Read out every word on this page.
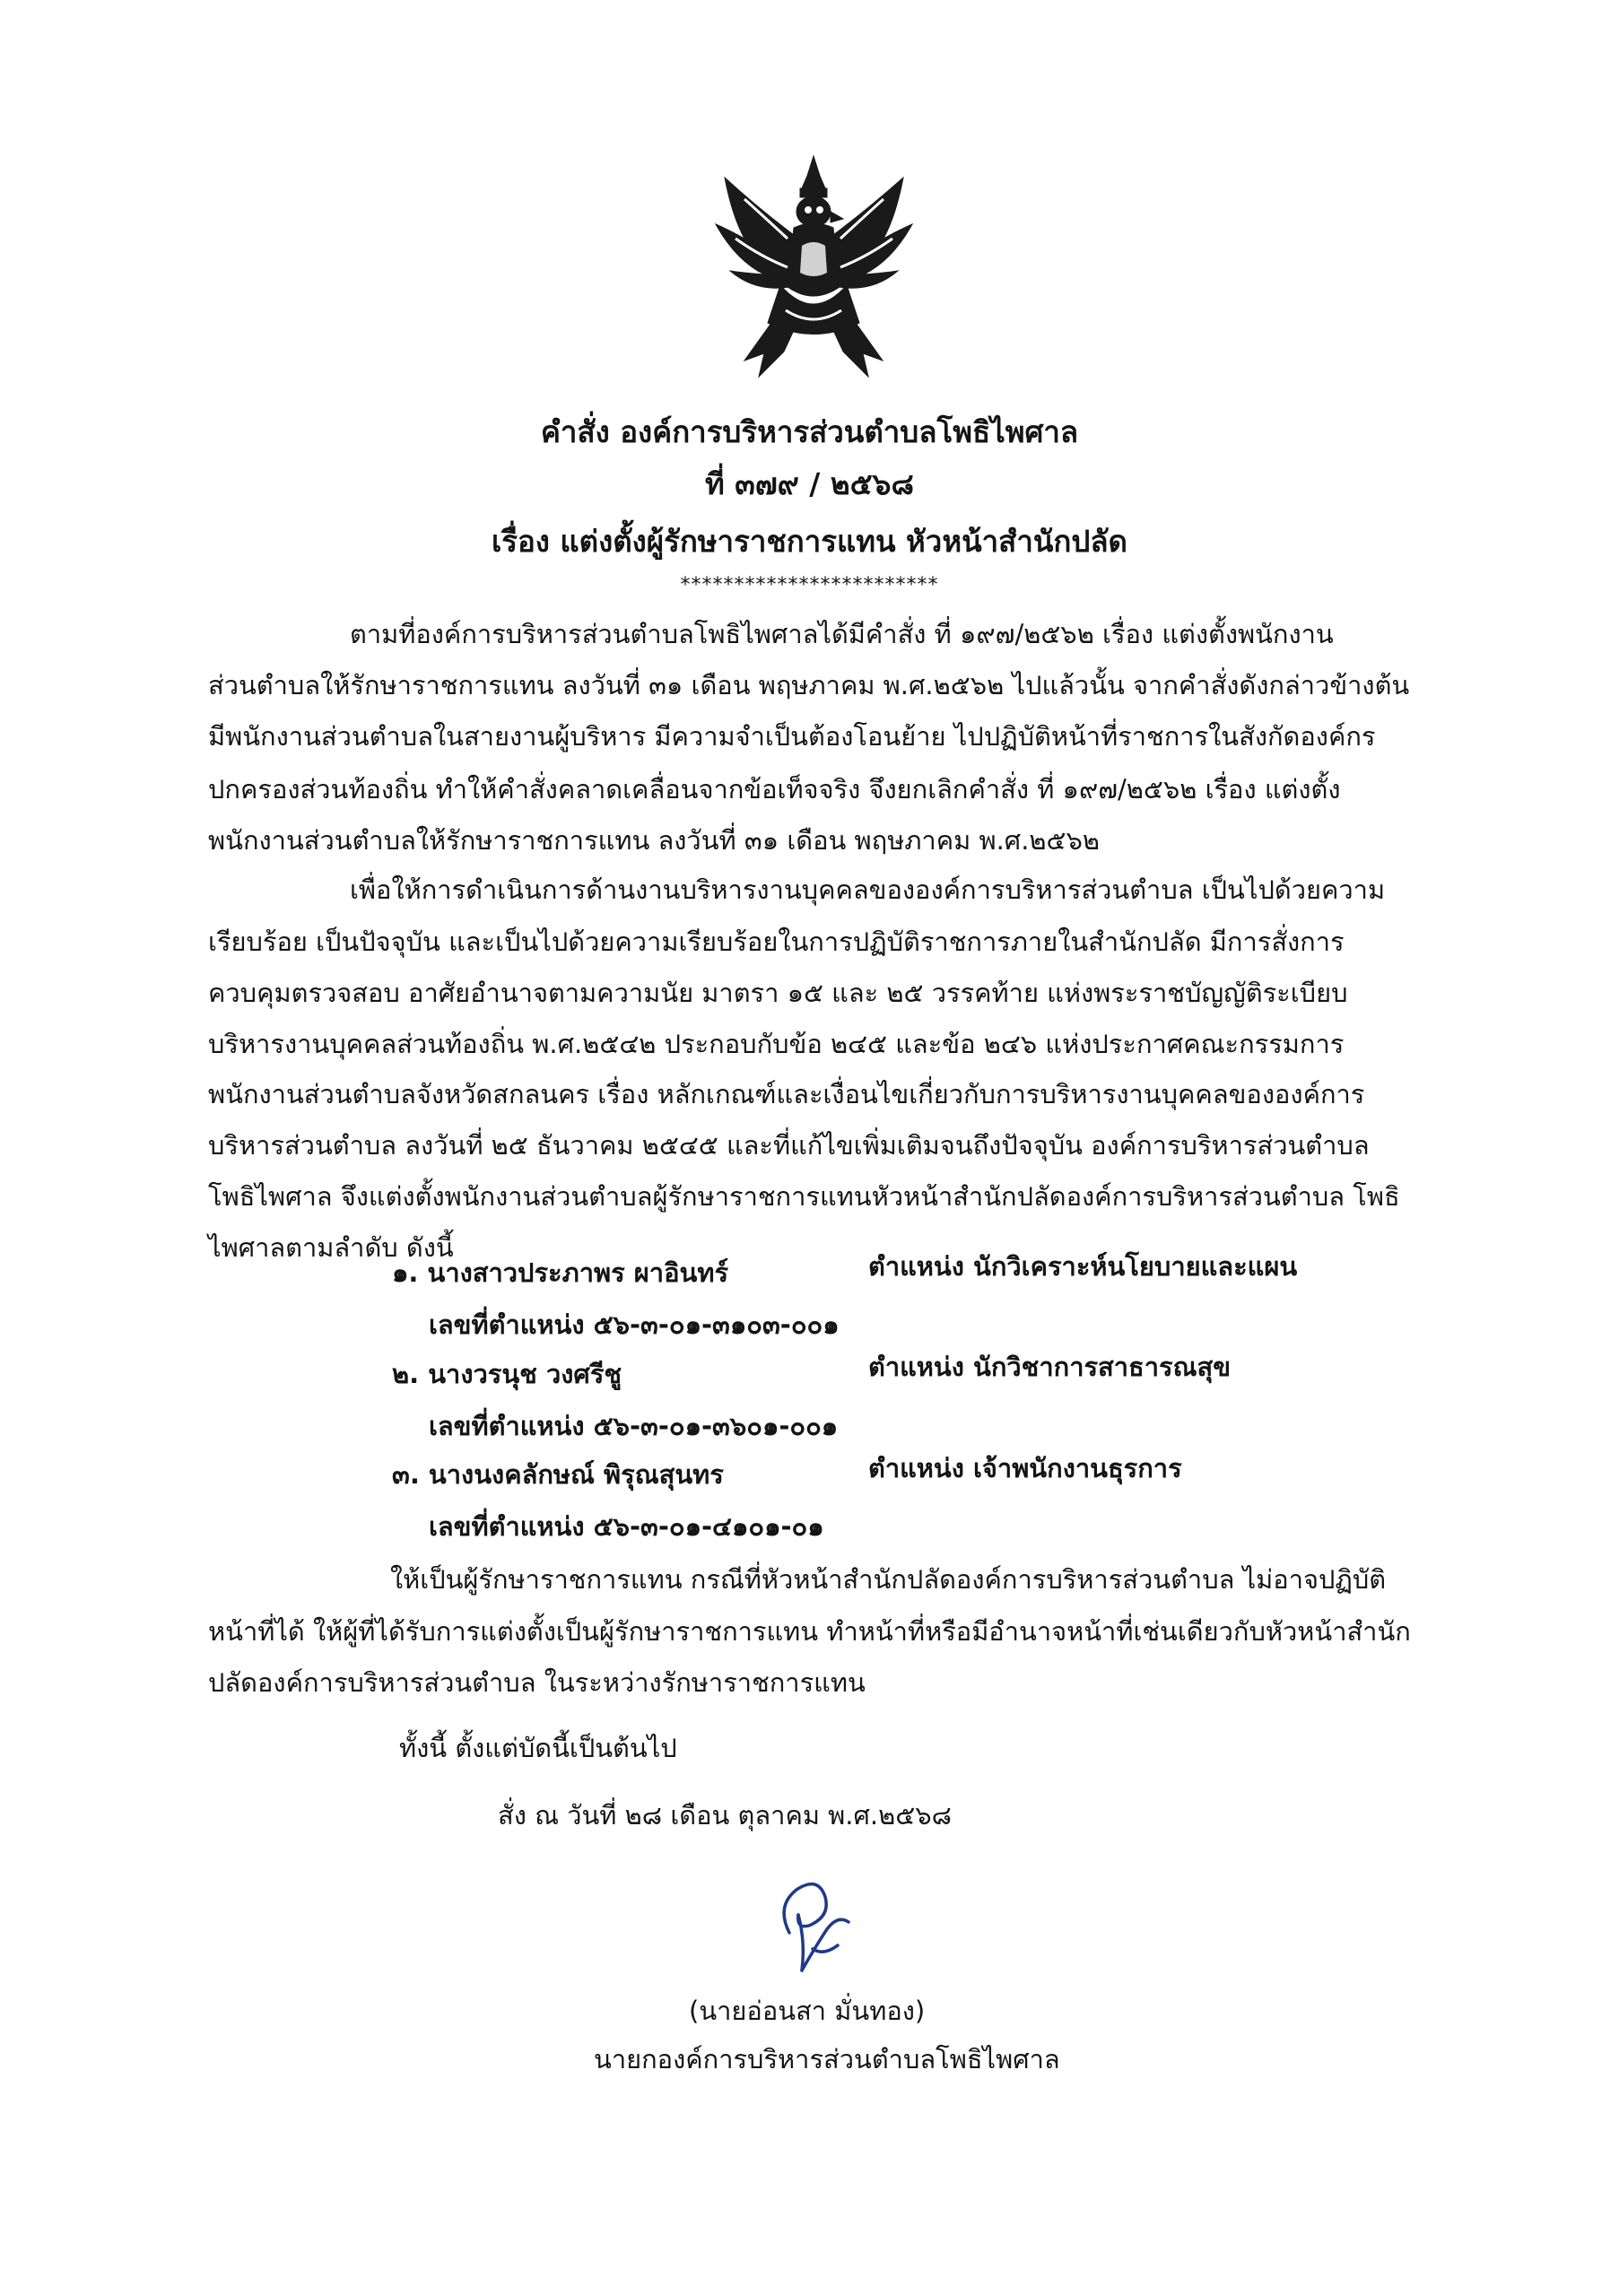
คำสั่ง องค์การบริหารส่วนตำบลโพธิไพศาล
ที่ ๓๗๙ / ๒๕๖๘
เรื่อง แต่งตั้งผู้รักษาราชการแทน หัวหน้าสำนักปลัด
************************
ตามที่องค์การบริหารส่วนตำบลโพธิไพศาลได้มีคำสั่ง ที่ ๑๙๗/๒๕๖๒ เรื่อง แต่งตั้งพนักงาน
ส่วนตำบลให้รักษาราชการแทน ลงวันที่ ๓๑ เดือน พฤษภาคม พ.ศ.๒๕๖๒ ไปแล้วนั้น จากคำสั่งดังกล่าวข้างต้น
มีพนักงานส่วนตำบลในสายงานผู้บริหาร มีความจำเป็นต้องโอนย้าย ไปปฏิบัติหน้าที่ราชการในสังกัดองค์กร
ปกครองส่วนท้องถิ่น ทำให้คำสั่งคลาดเคลื่อนจากข้อเท็จจริง จึงยกเลิกคำสั่ง ที่ ๑๙๗/๒๕๖๒ เรื่อง แต่งตั้ง
พนักงานส่วนตำบลให้รักษาราชการแทน ลงวันที่ ๓๑ เดือน พฤษภาคม พ.ศ.๒๕๖๒
เพื่อให้การดำเนินการด้านงานบริหารงานบุคคลขององค์การบริหารส่วนตำบล เป็นไปด้วยความ
เรียบร้อย เป็นปัจจุบัน และเป็นไปด้วยความเรียบร้อยในการปฏิบัติราชการภายในสำนักปลัด มีการสั่งการ
ควบคุมตรวจสอบ อาศัยอำนาจตามความนัย มาตรา ๑๕ และ ๒๕ วรรคท้าย แห่งพระราชบัญญัติระเบียบ
บริหารงานบุคคลส่วนท้องถิ่น พ.ศ.๒๕๔๒ ประกอบกับข้อ ๒๔๕ และข้อ ๒๔๖ แห่งประกาศคณะกรรมการ
พนักงานส่วนตำบลจังหวัดสกลนคร เรื่อง หลักเกณฑ์และเงื่อนไขเกี่ยวกับการบริหารงานบุคคลขององค์การ
บริหารส่วนตำบล ลงวันที่ ๒๕ ธันวาคม ๒๕๔๕ และที่แก้ไขเพิ่มเติมจนถึงปัจจุบัน องค์การบริหารส่วนตำบล
โพธิไพศาล จึงแต่งตั้งพนักงานส่วนตำบลผู้รักษาราชการแทนหัวหน้าสำนักปลัดองค์การบริหารส่วนตำบล โพธิ
ไพศาลตามลำดับ ดังนี้
๑. นางสาวประภาพร ผาอินทร์	ตำแหน่ง นักวิเคราะห์นโยบายและแผน
เลขที่ตำแหน่ง ๕๖-๓-๐๑-๓๑๐๓-๐๐๑
๒. นางวรนุช วงศรีชู	ตำแหน่ง นักวิชาการสาธารณสุข
เลขที่ตำแหน่ง ๕๖-๓-๐๑-๓๖๐๑-๐๐๑
๓. นางนงคลักษณ์ พิรุณสุนทร	ตำแหน่ง เจ้าพนักงานธุรการ
เลขที่ตำแหน่ง ๕๖-๓-๐๑-๔๑๐๑-๐๑
ให้เป็นผู้รักษาราชการแทน กรณีที่หัวหน้าสำนักปลัดองค์การบริหารส่วนตำบล ไม่อาจปฏิบัติ
หน้าที่ได้ ให้ผู้ที่ได้รับการแต่งตั้งเป็นผู้รักษาราชการแทน ทำหน้าที่หรือมีอำนาจหน้าที่เช่นเดียวกับหัวหน้าสำนัก
ปลัดองค์การบริหารส่วนตำบล ในระหว่างรักษาราชการแทน
ทั้งนี้ ตั้งแต่บัดนี้เป็นต้นไป
สั่ง ณ วันที่ ๒๘ เดือน ตุลาคม พ.ศ.๒๕๖๘
(นายอ่อนสา มั่นทอง)
นายกองค์การบริหารส่วนตำบลโพธิไพศาล
